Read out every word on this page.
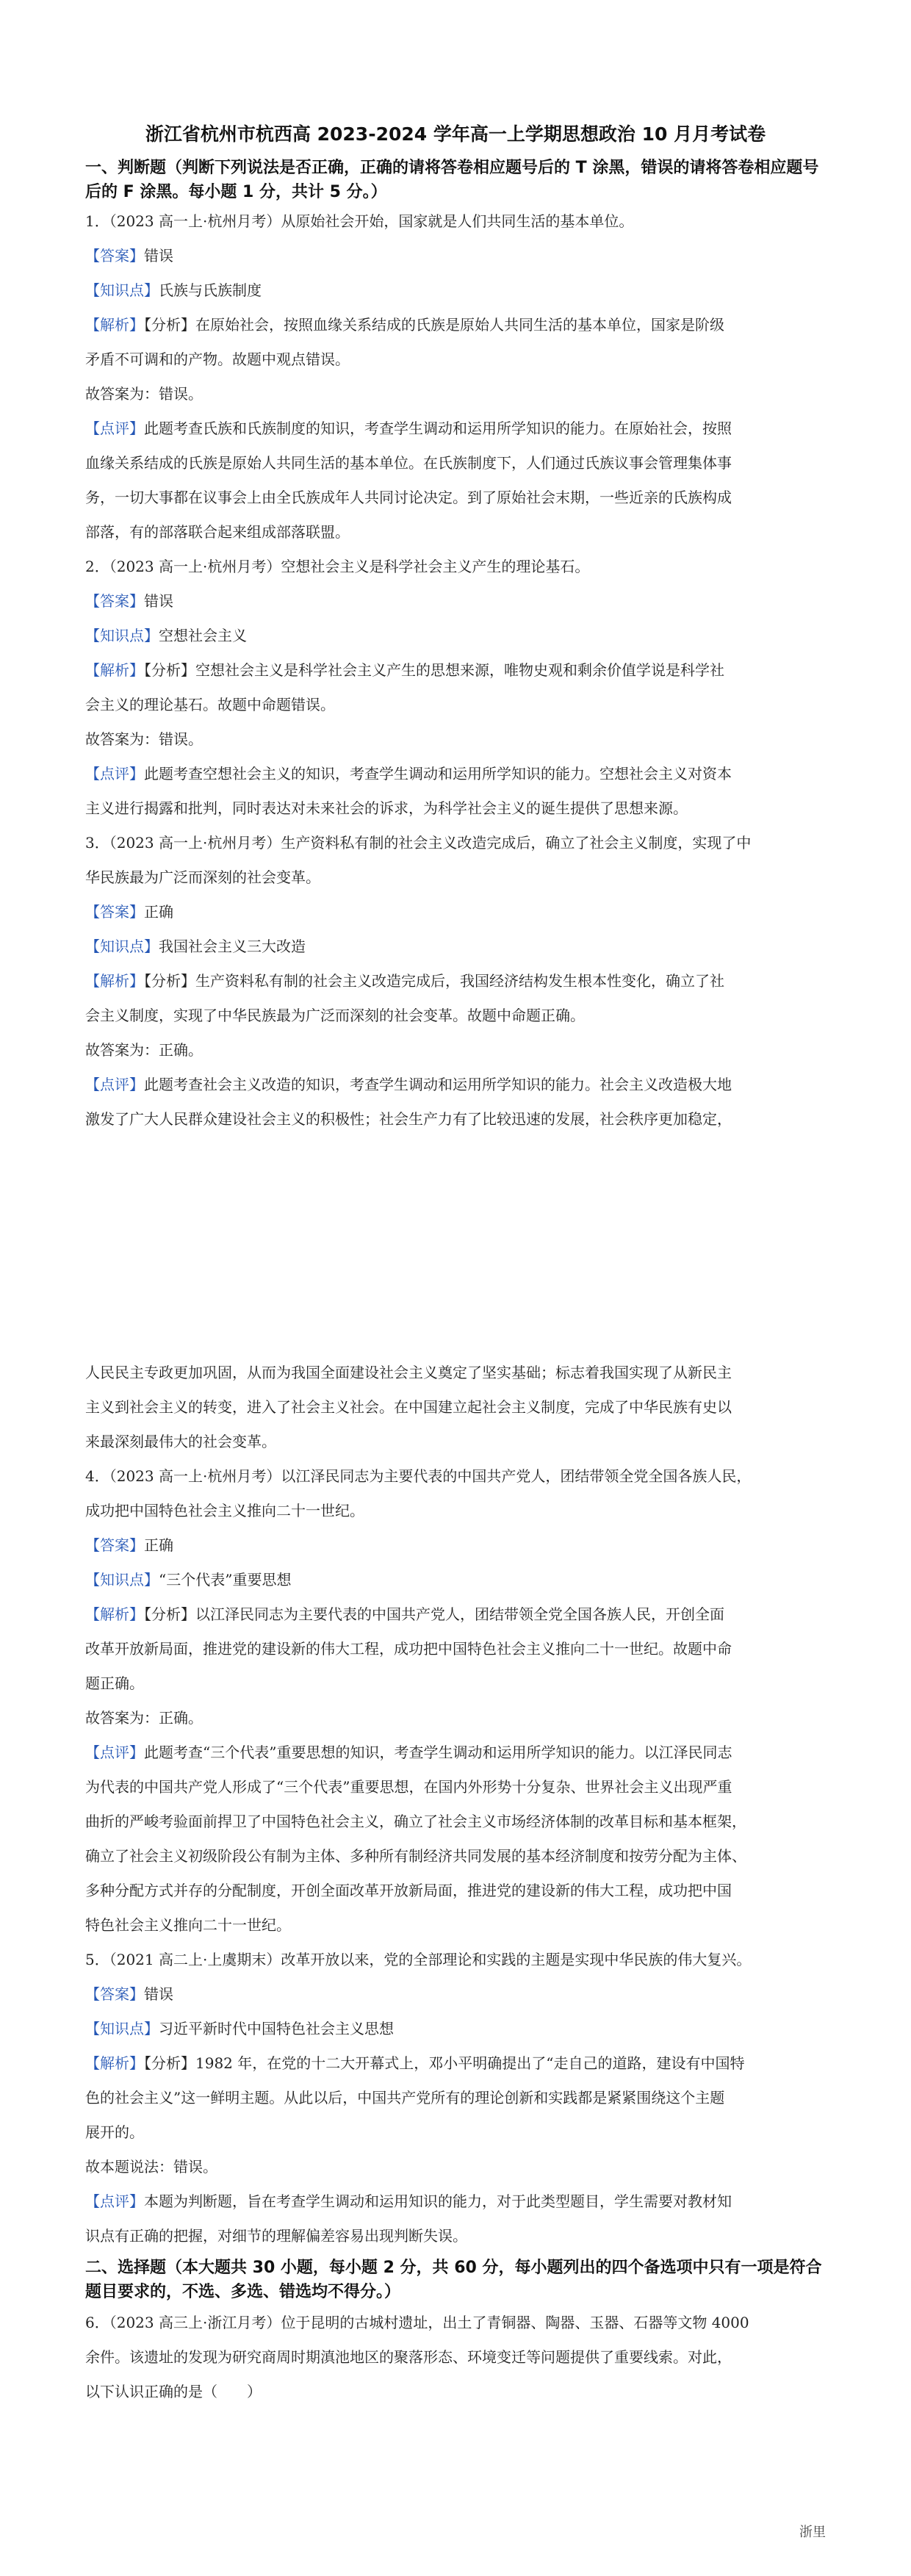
浙江省杭州市杭西高 2023-2024 学年高一上学期思想政治 10 月月考试卷
一、判断题（判断下列说法是否正确，正确的请将答卷相应题号后的 T 涂黑，错误的请将答卷相应题号后的 F 涂黑。每小题 1 分，共计 5 分。）
1．（2023 高一上·杭州月考）从原始社会开始，国家就是人们共同生活的基本单位。
【答案】错误
【知识点】氏族与氏族制度
【解析】【分析】在原始社会，按照血缘关系结成的氏族是原始人共同生活的基本单位，国家是阶级
矛盾不可调和的产物。故题中观点错误。
故答案为：错误。
【点评】此题考查氏族和氏族制度的知识，考查学生调动和运用所学知识的能力。在原始社会，按照
血缘关系结成的氏族是原始人共同生活的基本单位。在氏族制度下，人们通过氏族议事会管理集体事
务，一切大事都在议事会上由全氏族成年人共同讨论决定。到了原始社会末期，一些近亲的氏族构成
部落，有的部落联合起来组成部落联盟。
2．（2023 高一上·杭州月考）空想社会主义是科学社会主义产生的理论基石。
【答案】错误
【知识点】空想社会主义
【解析】【分析】空想社会主义是科学社会主义产生的思想来源，唯物史观和剩余价值学说是科学社
会主义的理论基石。故题中命题错误。
故答案为：错误。
【点评】此题考查空想社会主义的知识，考查学生调动和运用所学知识的能力。空想社会主义对资本
主义进行揭露和批判，同时表达对未来社会的诉求，为科学社会主义的诞生提供了思想来源。
3．（2023 高一上·杭州月考）生产资料私有制的社会主义改造完成后，确立了社会主义制度，实现了中
华民族最为广泛而深刻的社会变革。
【答案】正确
【知识点】我国社会主义三大改造
【解析】【分析】生产资料私有制的社会主义改造完成后，我国经济结构发生根本性变化，确立了社
会主义制度，实现了中华民族最为广泛而深刻的社会变革。故题中命题正确。
故答案为：正确。
【点评】此题考查社会主义改造的知识，考查学生调动和运用所学知识的能力。社会主义改造极大地
激发了广大人民群众建设社会主义的积极性；社会生产力有了比较迅速的发展，社会秩序更加稳定，
人民民主专政更加巩固，从而为我国全面建设社会主义奠定了坚实基础；标志着我国实现了从新民主
主义到社会主义的转变，进入了社会主义社会。在中国建立起社会主义制度，完成了中华民族有史以
来最深刻最伟大的社会变革。
4．（2023 高一上·杭州月考）以江泽民同志为主要代表的中国共产党人，团结带领全党全国各族人民，
成功把中国特色社会主义推向二十一世纪。
【答案】正确
【知识点】“三个代表”重要思想
【解析】【分析】以江泽民同志为主要代表的中国共产党人，团结带领全党全国各族人民，开创全面
改革开放新局面，推进党的建设新的伟大工程，成功把中国特色社会主义推向二十一世纪。故题中命
题正确。
故答案为：正确。
【点评】此题考查“三个代表”重要思想的知识，考查学生调动和运用所学知识的能力。以江泽民同志
为代表的中国共产党人形成了“三个代表”重要思想，在国内外形势十分复杂、世界社会主义出现严重
曲折的严峻考验面前捍卫了中国特色社会主义，确立了社会主义市场经济体制的改革目标和基本框架，
确立了社会主义初级阶段公有制为主体、多种所有制经济共同发展的基本经济制度和按劳分配为主体、
多种分配方式并存的分配制度，开创全面改革开放新局面，推进党的建设新的伟大工程，成功把中国
特色社会主义推向二十一世纪。
5．（2021 高二上·上虞期末）改革开放以来，党的全部理论和实践的主题是实现中华民族的伟大复兴。
【答案】错误
【知识点】习近平新时代中国特色社会主义思想
【解析】【分析】1982 年，在党的十二大开幕式上，邓小平明确提出了“走自己的道路，建设有中国特
色的社会主义”这一鲜明主题。从此以后，中国共产党所有的理论创新和实践都是紧紧围绕这个主题
展开的。
故本题说法：错误。
【点评】本题为判断题，旨在考查学生调动和运用知识的能力，对于此类型题目，学生需要对教材知
识点有正确的把握，对细节的理解偏差容易出现判断失误。
二、选择题（本大题共 30 小题，每小题 2 分，共 60 分，每小题列出的四个备选项中只有一项是符合题目要求的，不选、多选、错选均不得分。）
6．（2023 高三上·浙江月考）位于昆明的古城村遗址，出土了青铜器、陶器、玉器、石器等文物 4000
余件。该遗址的发现为研究商周时期滇池地区的聚落形态、环境变迁等问题提供了重要线索。对此，
以下认识正确的是（　　）
浙里
